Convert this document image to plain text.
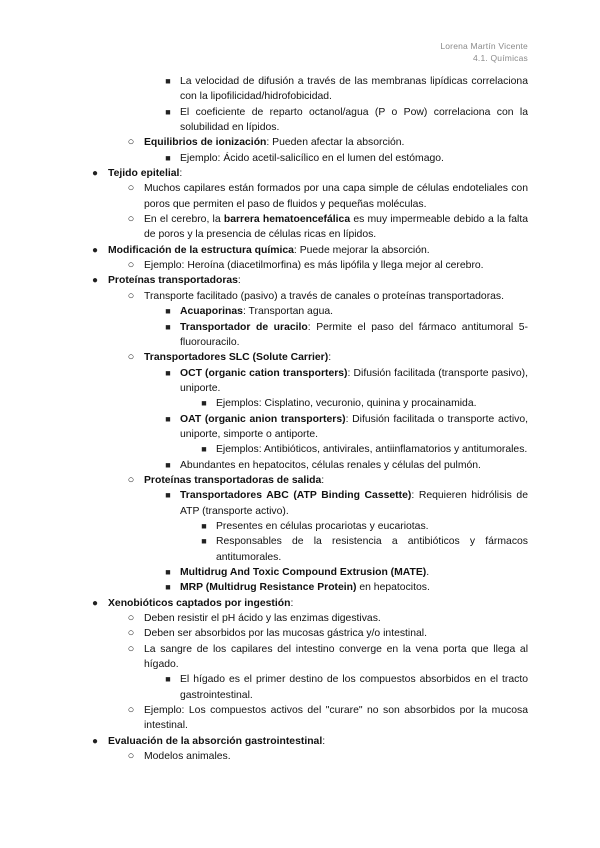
Lorena Martín Vicente
4.1. Químicas
■ La velocidad de difusión a través de las membranas lipídicas correlaciona con la lipofilicidad/hidrofobicidad.
■ El coeficiente de reparto octanol/agua (P o Pow) correlaciona con la solubilidad en lípidos.
○ Equilibrios de ionización: Pueden afectar la absorción.
■ Ejemplo: Ácido acetil-salicílico en el lumen del estómago.
● Tejido epitelial:
○ Muchos capilares están formados por una capa simple de células endoteliales con poros que permiten el paso de fluidos y pequeñas moléculas.
○ En el cerebro, la barrera hematoencefálica es muy impermeable debido a la falta de poros y la presencia de células ricas en lípidos.
● Modificación de la estructura química: Puede mejorar la absorción.
○ Ejemplo: Heroína (diacetilmorfina) es más lipófila y llega mejor al cerebro.
● Proteínas transportadoras:
○ Transporte facilitado (pasivo) a través de canales o proteínas transportadoras.
■ Acuaporinas: Transportan agua.
■ Transportador de uracilo: Permite el paso del fármaco antitumoral 5-fluorouracilo.
○ Transportadores SLC (Solute Carrier):
■ OCT (organic cation transporters): Difusión facilitada (transporte pasivo), uniporte.
■ Ejemplos: Cisplatino, vecuronio, quinina y procainamida.
■ OAT (organic anion transporters): Difusión facilitada o transporte activo, uniporte, simporte o antiporte.
■ Ejemplos: Antibióticos, antivirales, antiinflamatorios y antitumorales.
■ Abundantes en hepatocitos, células renales y células del pulmón.
○ Proteínas transportadoras de salida:
■ Transportadores ABC (ATP Binding Cassette): Requieren hidrólisis de ATP (transporte activo).
■ Presentes en células procariotas y eucariotas.
■ Responsables de la resistencia a antibióticos y fármacos antitumorales.
■ Multidrug And Toxic Compound Extrusion (MATE).
■ MRP (Multidrug Resistance Protein) en hepatocitos.
● Xenobióticos captados por ingestión:
○ Deben resistir el pH ácido y las enzimas digestivas.
○ Deben ser absorbidos por las mucosas gástrica y/o intestinal.
○ La sangre de los capilares del intestino converge en la vena porta que llega al hígado.
■ El hígado es el primer destino de los compuestos absorbidos en el tracto gastrointestinal.
○ Ejemplo: Los compuestos activos del "curare" no son absorbidos por la mucosa intestinal.
● Evaluación de la absorción gastrointestinal:
○ Modelos animales.
